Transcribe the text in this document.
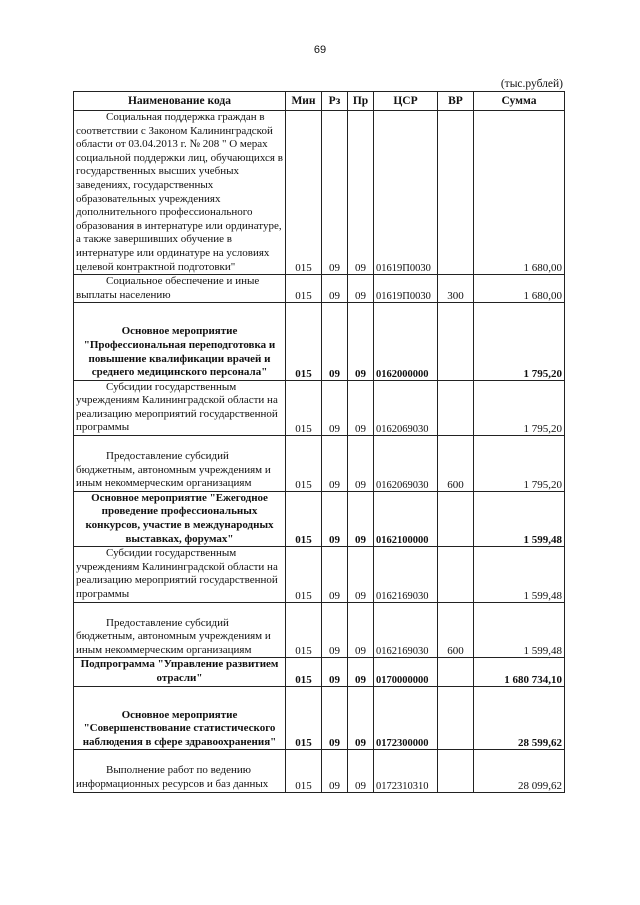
69
(тыс.рублей)
Наименование кода	Мин	Рз	Пр	ЦСР	ВР	Сумма
Социальная поддержка граждан в соответствии с Законом Калининградской области от 03.04.2013 г. № 208 " О мерах социальной поддержки лиц, обучающихся в государственных высших учебных заведениях, государственных образовательных учреждениях дополнительного профессионального образования в интернатуре или ординатуре, а также завершивших обучение в интернатуре или ординатуре на условиях целевой контрактной подготовки"	015	09	09	01619П0030		1 680,00
Социальное обеспечение и иные выплаты населению	015	09	09	01619П0030	300	1 680,00
Основное мероприятие "Профессиональная переподготовка и повышение квалификации врачей и среднего медицинского персонала"	015	09	09	0162000000		1 795,20
Субсидии государственным учреждениям Калининградской области на реализацию мероприятий государственной программы	015	09	09	0162069030		1 795,20
Предоставление субсидий бюджетным, автономным учреждениям и иным некоммерческим организациям	015	09	09	0162069030	600	1 795,20
Основное мероприятие "Ежегодное проведение профессиональных конкурсов, участие в международных выставках, форумах"	015	09	09	0162100000		1 599,48
Субсидии государственным учреждениям Калининградской области на реализацию мероприятий государственной программы	015	09	09	0162169030		1 599,48
Предоставление субсидий бюджетным, автономным учреждениям и иным некоммерческим организациям	015	09	09	0162169030	600	1 599,48
Подпрограмма "Управление развитием отрасли"	015	09	09	0170000000		1 680 734,10
Основное мероприятие "Совершенствование статистического наблюдения в сфере здравоохранения"	015	09	09	0172300000		28 599,62
Выполнение работ по ведению информационных ресурсов и баз данных	015	09	09	0172310310		28 099,62
